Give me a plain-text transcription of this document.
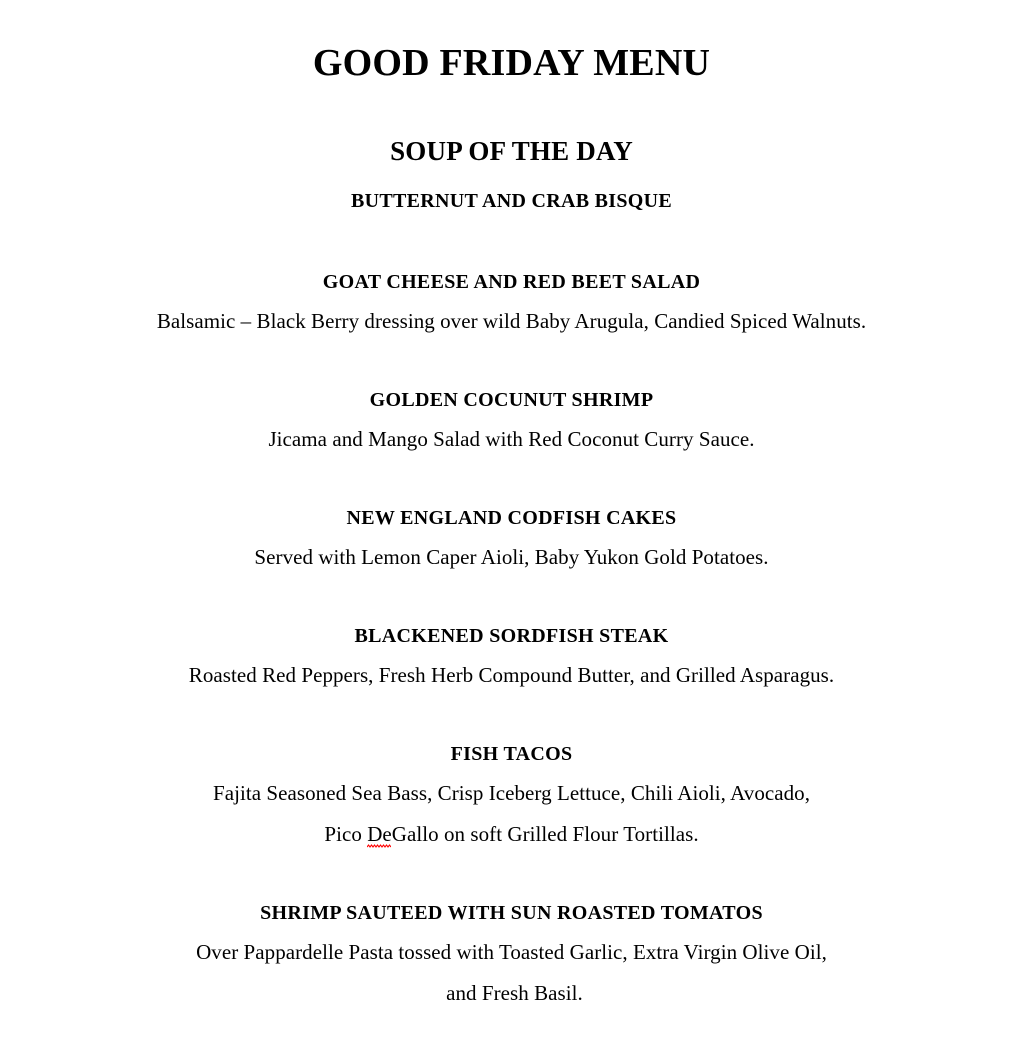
GOOD FRIDAY MENU

SOUP OF THE DAY

BUTTERNUT AND CRAB BISQUE

GOAT CHEESE AND RED BEET SALAD

Balsamic – Black Berry dressing over wild Baby Arugula, Candied Spiced Walnuts.

GOLDEN COCUNUT SHRIMP

Jicama and Mango Salad with Red Coconut Curry Sauce.

NEW ENGLAND CODFISH CAKES

Served with Lemon Caper Aioli, Baby Yukon Gold Potatoes.

BLACKENED SORDFISH STEAK

Roasted Red Peppers, Fresh Herb Compound Butter, and Grilled Asparagus.

FISH TACOS

Fajita Seasoned Sea Bass, Crisp Iceberg Lettuce, Chili Aioli, Avocado,

Pico DeGallo
on soft Grilled Flour Tortillas.

SHRIMP SAUTEED WITH SUN ROASTED TOMATOS

Over Pappardelle Pasta tossed with Toasted Garlic, Extra Virgin Olive Oil,

and Fresh Basil.
